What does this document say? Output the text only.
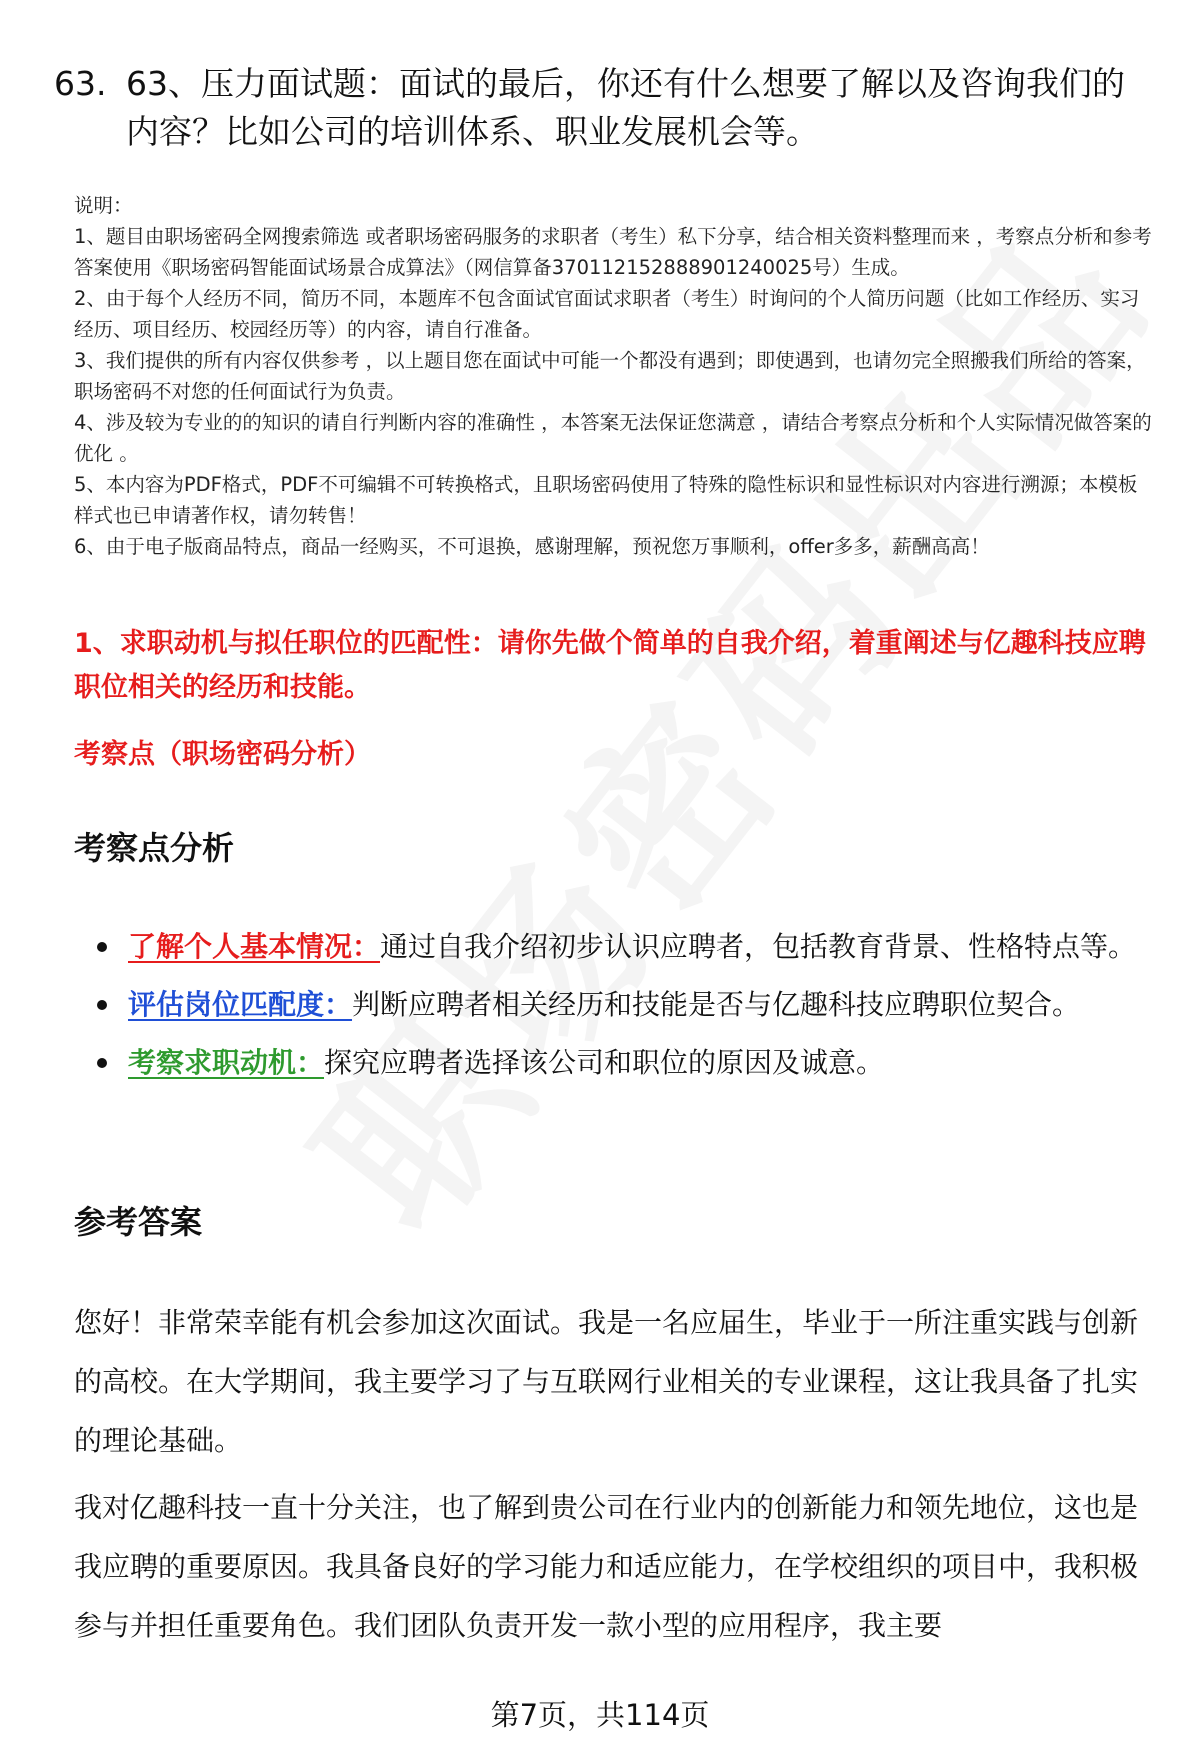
63. 63、压力面试题：面试的最后，你还有什么想要了解以及咨询我们的内容？比如公司的培训体系、职业发展机会等。

说明：

1、题目由职场密码全网搜索筛选 或者职场密码服务的求职者（考生）私下分享，结合相关资料整理而来 ，考察点分析和参考答案使用《职场密码智能面试场景合成算法》（网信算备370112152888901240025号）生成。

2、由于每个人经历不同，简历不同，本题库不包含面试官面试求职者（考生）时询问的个人简历问题（比如工作经历、实习经历、项目经历、校园经历等）的内容，请自行准备。

3、我们提供的所有内容仅供参考 ，以上题目您在面试中可能一个都没有遇到；即使遇到，也请勿完全照搬我们所给的答案，职场密码不对您的任何面试行为负责。

4、涉及较为专业的的知识的请自行判断内容的准确性 ，本答案无法保证您满意 ，请结合考察点分析和个人实际情况做答案的优化 。

5、本内容为PDF格式，PDF不可编辑不可转换格式，且职场密码使用了特殊的隐性标识和显性标识对内容进行溯源；本模板样式也已申请著作权，请勿转售！

6、由于电子版商品特点，商品一经购买，不可退换，感谢理解，预祝您万事顺利，offer多多，薪酬高高！

1、求职动机与拟任职位的匹配性：请你先做个简单的自我介绍，着重阐述与亿趣科技应聘职位相关的经历和技能。
考察点（职场密码分析）
考察点分析
了解个人基本情况：通过自我介绍初步认识应聘者，包括教育背景、性格特点等。
评估岗位匹配度：判断应聘者相关经历和技能是否与亿趣科技应聘职位契合。
考察求职动机：探究应聘者选择该公司和职位的原因及诚意。
参考答案

您好！非常荣幸能有机会参加这次面试。我是一名应届生，毕业于一所注重实践与创新的高校。在大学期间，我主要学习了与互联网行业相关的专业课程，这让我具备了扎实的理论基础。

我对亿趣科技一直十分关注，也了解到贵公司在行业内的创新能力和领先地位，这也是我应聘的重要原因。我具备良好的学习能力和适应能力，在学校组织的项目中，我积极参与并担任重要角色。我们团队负责开发一款小型的应用程序，我主要

第7页，共114页
